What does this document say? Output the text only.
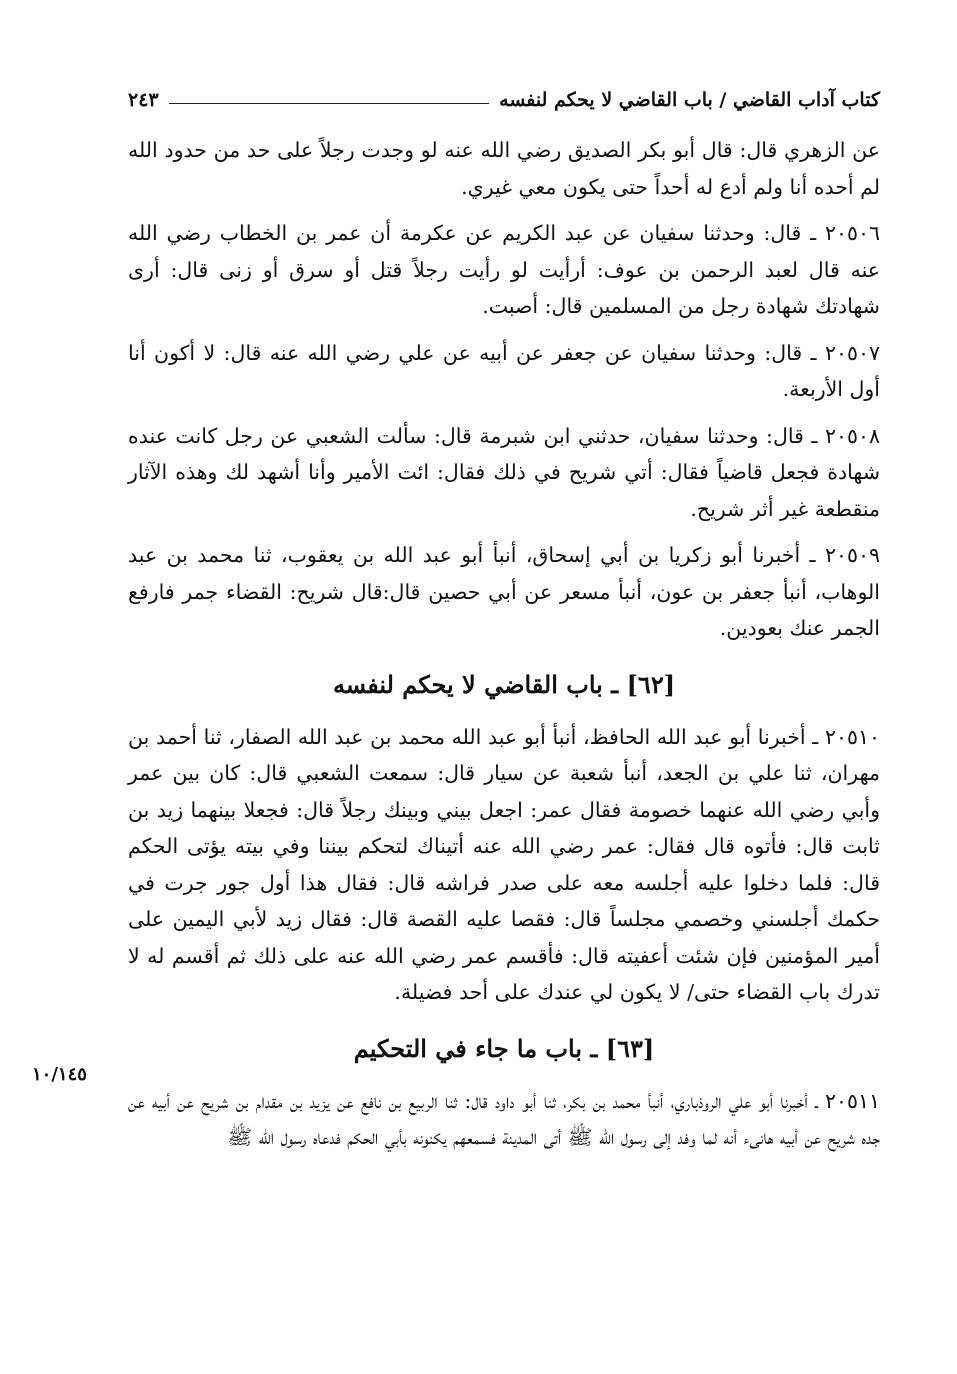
كتاب آداب القاضي / باب القاضي لا يحكم لنفسه
٢٤٣

عن الزهري قال: قال أبو بكر الصديق رضي الله عنه لو وجدت رجلاً على حد من حدود الله لم أحده أنا ولم أدع له أحداً حتى يكون معي غيري.

٢٠٥٠٦ ـ قال: وحدثنا سفيان عن عبد الكريم عن عكرمة أن عمر بن الخطاب رضي الله عنه قال لعبد الرحمن بن عوف: أرأيت لو رأيت رجلاً قتل أو سرق أو زنى قال: أرى شهادتك شهادة رجل من المسلمين قال: أصبت.

٢٠٥٠٧ ـ قال: وحدثنا سفيان عن جعفر عن أبيه عن علي رضي الله عنه قال: لا أكون أنا أول الأربعة.

٢٠٥٠٨ ـ قال: وحدثنا سفيان، حدثني ابن شبرمة قال: سألت الشعبي عن رجل كانت عنده شهادة فجعل قاضياً فقال: أتي شريح في ذلك فقال: ائت الأمير وأنا أشهد لك وهذه الآثار منقطعة غير أثر شريح.

٢٠٥٠٩ ـ أخبرنا أبو زكريا بن أبي إسحاق، أنبأ أبو عبد الله بن يعقوب، ثنا محمد بن عبد الوهاب، أنبأ جعفر بن عون، أنبأ مسعر عن أبي حصين قال:قال شريح: القضاء جمر فارفع الجمر عنك بعودين.

[٦٢] ـ باب القاضي لا يحكم لنفسه

٢٠٥١٠ ـ أخبرنا أبو عبد الله الحافظ، أنبأ أبو عبد الله محمد بن عبد الله الصفار، ثنا أحمد بن مهران، ثنا علي بن الجعد، أنبأ شعبة عن سيار قال: سمعت الشعبي قال: كان بين عمر وأبي رضي الله عنهما خصومة فقال عمر: اجعل بيني وبينك رجلاً قال: فجعلا بينهما زيد بن ثابت قال: فأتوه قال فقال: عمر رضي الله عنه أتيناك لتحكم بيننا وفي بيته يؤتى الحكم قال: فلما دخلوا عليه أجلسه معه على صدر فراشه قال: فقال هذا أول جور جرت في حكمك أجلسني وخصمي مجلساً قال: فقصا عليه القصة قال: فقال زيد لأبي اليمين على أمير المؤمنين فإن شئت أعفيته قال: فأقسم عمر رضي الله عنه على ذلك ثم أقسم له لا تدرك باب القضاء حتى/ لا يكون لي عندك على أحد فضيلة.

[٦٣] ـ باب ما جاء في التحكيم

٢٠٥١١ ـ أخبرنا أبو علي الروذباري، أنبأ محمد بن بكر، ثنا أبو داود قال: ثنا الربيع بن نافع عن يزيد بن مقدام بن شريح عن أبيه عن جده شريح عن أبيه هانىء أنه لما وفد إلى رسول الله ﷺ أتى المدينة فسمعهم يكنونه بأبي الحكم فدعاه رسول الله ﷺ

١٠/١٤٥
